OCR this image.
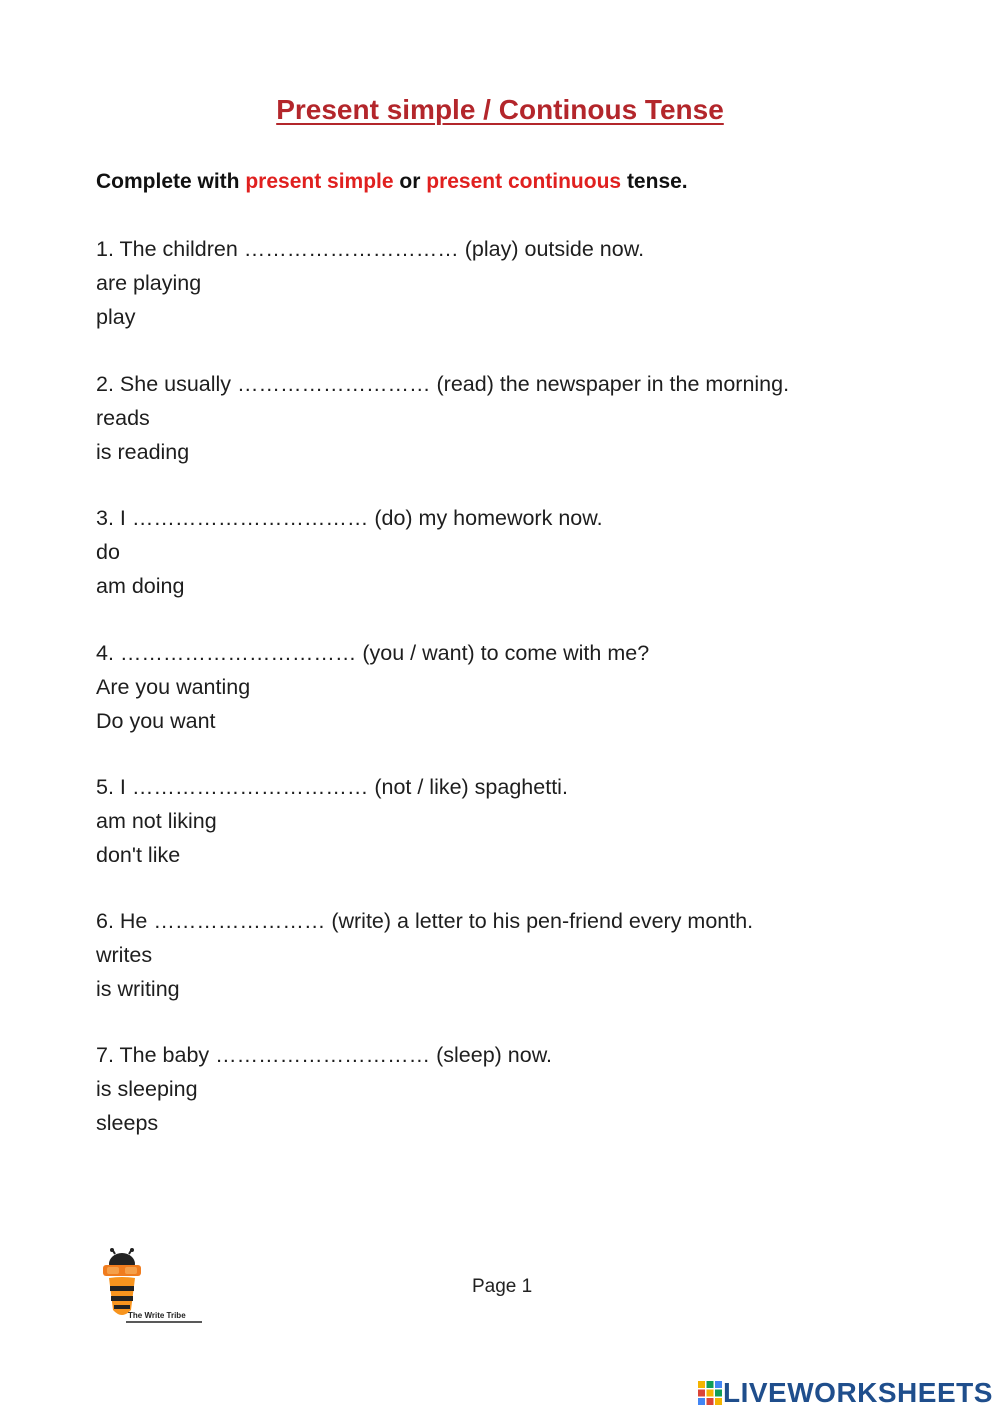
Present simple / Continous Tense
Complete with present simple or present continuous tense.
1. The children ………………………… (play) outside now.
are playing
play
2. She usually ……………………… (read) the newspaper in the morning.
reads
is reading
3. I …………………………… (do) my homework now.
do
am doing
4. …………………………… (you / want) to come with me?
Are you wanting
Do you want
5. I …………………………… (not / like) spaghetti.
am not liking
don't like
6. He …………………… (write) a letter to his pen-friend every month.
writes
is writing
7. The baby ………………………… (sleep) now.
is sleeping
sleeps
The Write Tribe
Page 1
LIVEWORKSHEETS
